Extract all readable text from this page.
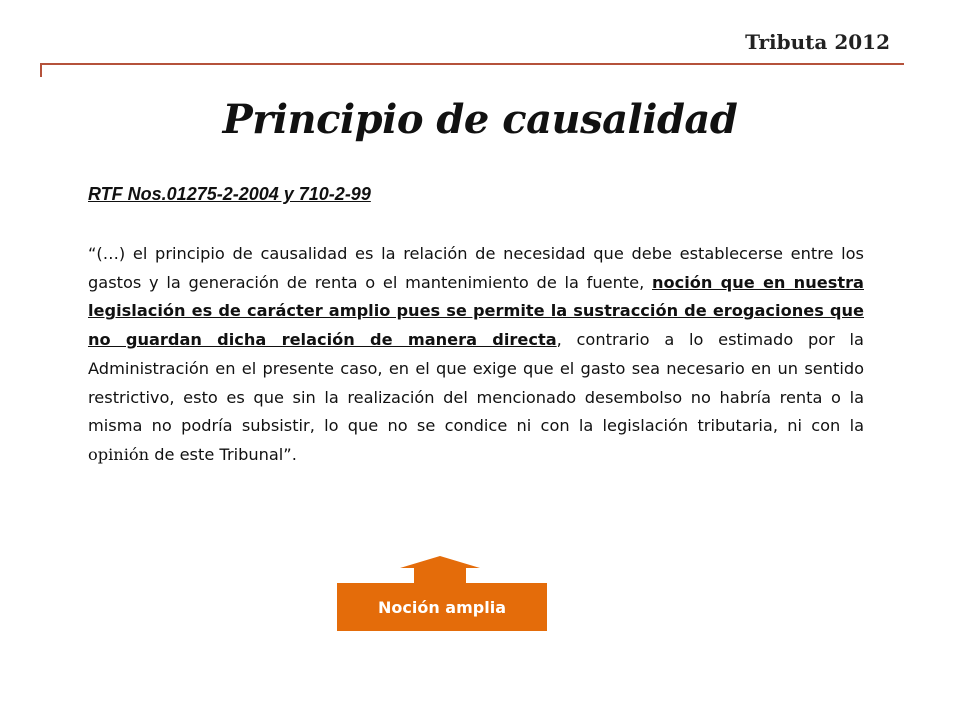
Tributa 2012
Principio de causalidad
RTF Nos.01275-2-2004 y 710-2-99
“(…) el principio de causalidad es la relación de necesidad que debe establecerse entre los gastos y la generación de renta o el mantenimiento de la fuente, noción que en nuestra legislación es de carácter amplio pues se permite la sustracción de erogaciones que no guardan dicha relación de manera directa, contrario a lo estimado por la Administración en el presente caso, en el que exige que el gasto sea necesario en un sentido restrictivo, esto es que sin la realización del mencionado desembolso no habría renta o la misma no podría subsistir, lo que no se condice ni con la legislación tributaria, ni con la opinión de este Tribunal”.
Noción amplia
